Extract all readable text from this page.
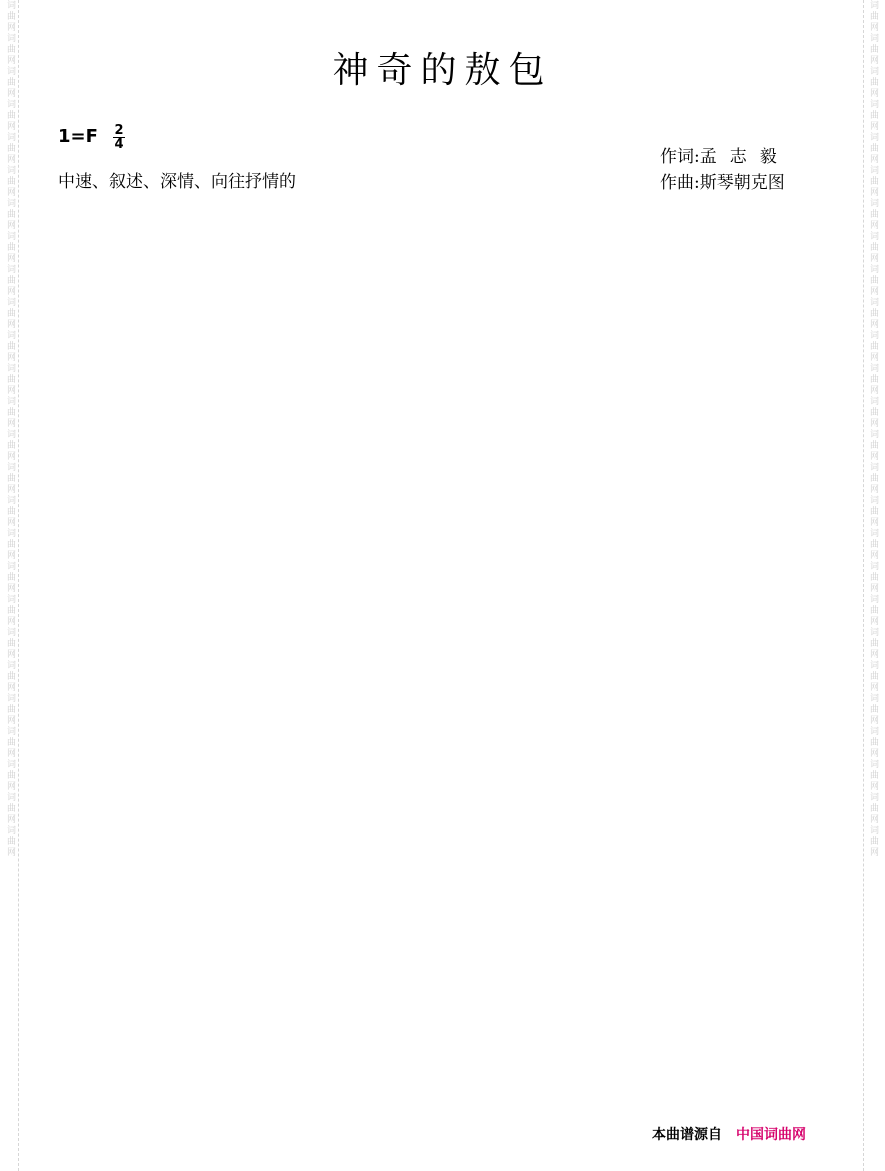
词曲网词曲网词曲网词曲网词曲网词曲网词曲网词曲网词曲网词曲网词曲网词曲网词曲网词曲网词曲网词曲网词曲网词曲网词曲网词曲网词曲网词曲网词曲网词曲网词曲网词曲网	词曲网词曲网词曲网词曲网词曲网词曲网词曲网词曲网词曲网词曲网词曲网词曲网词曲网词曲网词曲网词曲网词曲网词曲网词曲网词曲网词曲网词曲网词曲网词曲网词曲网词曲网
神奇的敖包
$1=F \frac{2}{4}$
中速、叙述、深情、向往抒情的
作词:孟志毅
作曲:斯琴朝克图
本曲谱源自 中国词曲网
